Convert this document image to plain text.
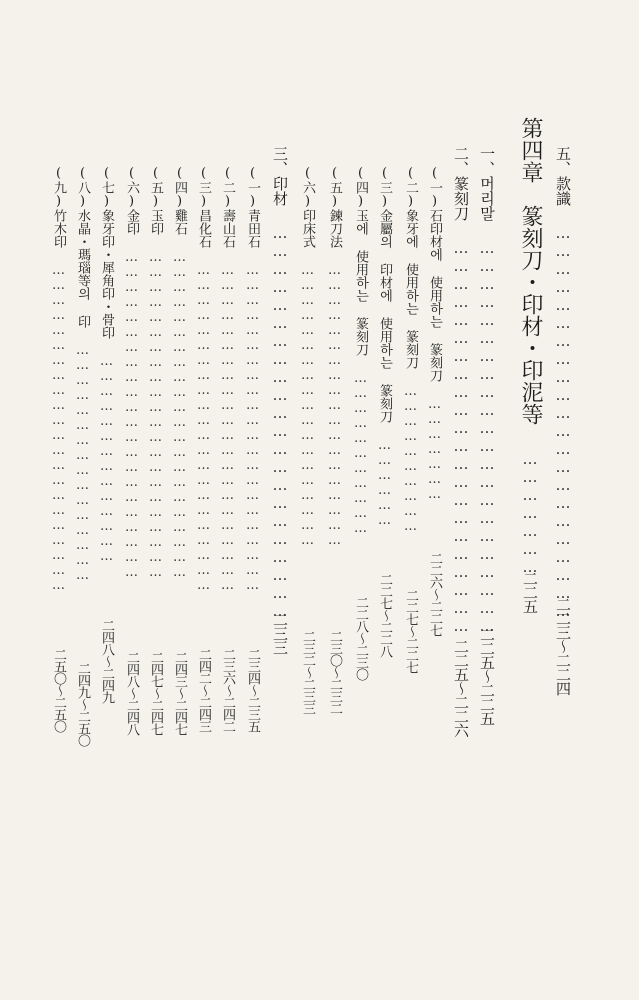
五、款識 ………………………………………………………… 二二三〜二二四
第四章　篆刻刀・印材・印泥等 ………………… 二二五
一、머리말 ………………………………………………………… 二二五〜二二五
二、篆刻刀 ………………………………………………………… 二二五〜二二六
(一)石印材에 使用하는 篆刻刀 ………………… 二二六〜二二七
(二)象牙에 使用하는 篆刻刀 ………………………… 二二七〜二二七
(三)金屬의 印材에 使用하는 篆刻刀 ……………… 二二七〜二二八
(四)玉에 使用하는 篆刻刀 …………………………… 二二八〜二三〇
(五)鍊刀法 ………………………………………………… 二三〇〜二三二
(六)印床式 ………………………………………………… 二三二〜二三三
三、印材 ………………………………………………………… 二三三
(一)青田石 ………………………………………………………… 二三四〜二三五
(二)壽山石 ………………………………………………………… 二三六〜二四二
(三)昌化石 ………………………………………………………… 二四二〜二四三
(四)雞石 ………………………………………………………… 二四三〜二四七
(五)玉印 ………………………………………………………… 二四七〜二四七
(六)金印 ………………………………………………………… 二四八〜二四八
(七)象牙印・犀角印・骨印 …………………………………… 二四八〜二四九
(八)水晶・瑪瑙等의 印 ………………………………………… 二四九〜二五〇
(九)竹木印 ………………………………………………………… 二五〇〜二五〇
